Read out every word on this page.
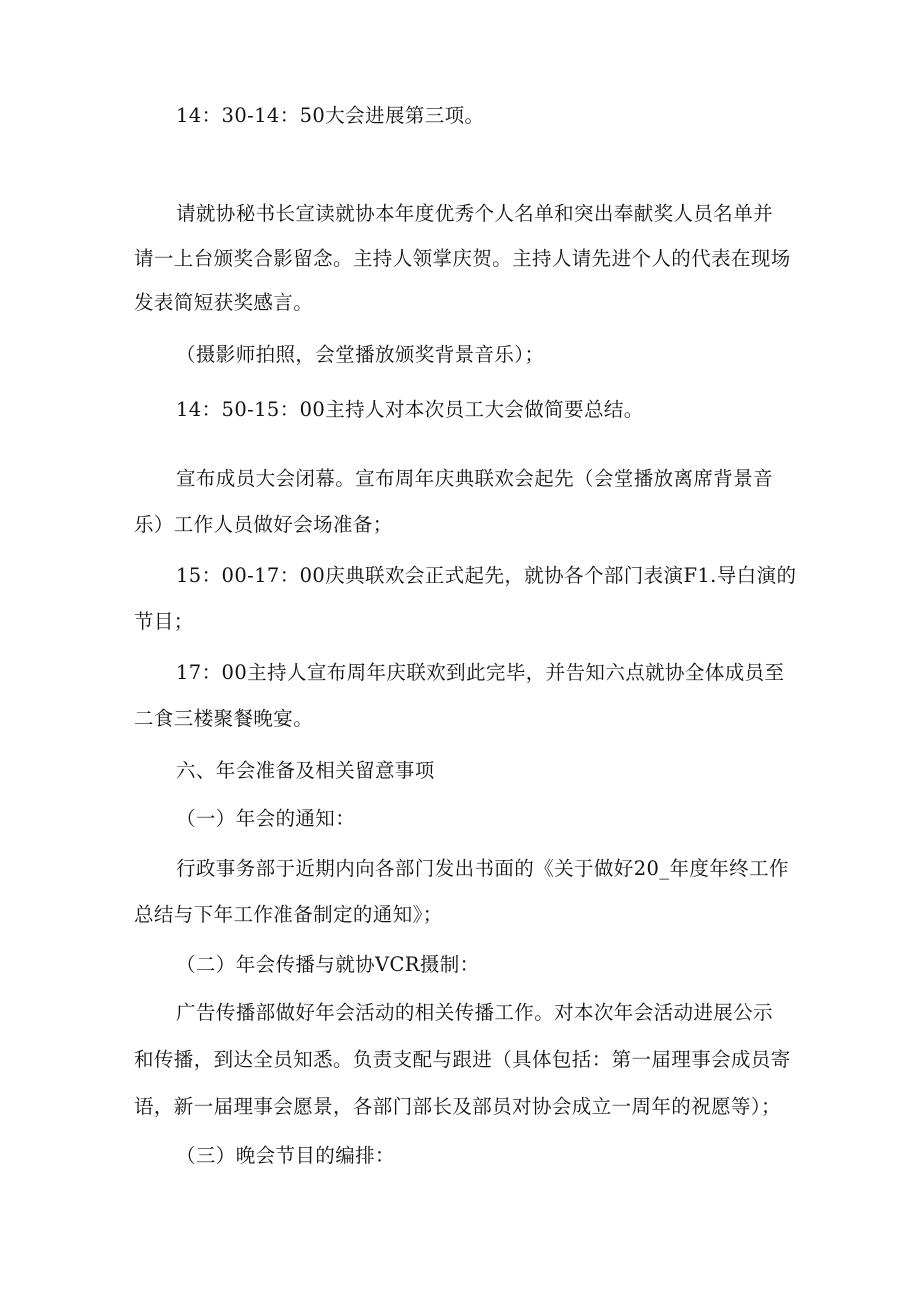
14：30-14：50大会进展第三项。
请就协秘书长宣读就协本年度优秀个人名单和突出奉献奖人员名单并
请一上台颁奖合影留念。主持人领掌庆贺。主持人请先进个人的代表在现场
发表简短获奖感言。
（摄影师拍照，会堂播放颁奖背景音乐）；
14：50-15：00主持人对本次员工大会做简要总结。
宣布成员大会闭幕。宣布周年庆典联欢会起先（会堂播放离席背景音
乐）工作人员做好会场准备；
15：00-17：00庆典联欢会正式起先，就协各个部门表演F1.导白演的
节目；
17：00主持人宣布周年庆联欢到此完毕，并告知六点就协全体成员至
二食三楼聚餐晚宴。
六、年会准备及相关留意事项
（一）年会的通知：
行政事务部于近期内向各部门发出书面的《关于做好20_年度年终工作
总结与下年工作准备制定的通知》；
（二）年会传播与就协VCR摄制：
广告传播部做好年会活动的相关传播工作。对本次年会活动进展公示
和传播，到达全员知悉。负责支配与跟进（具体包括：第一届理事会成员寄
语，新一届理事会愿景，各部门部长及部员对协会成立一周年的祝愿等）；
（三）晚会节目的编排：
